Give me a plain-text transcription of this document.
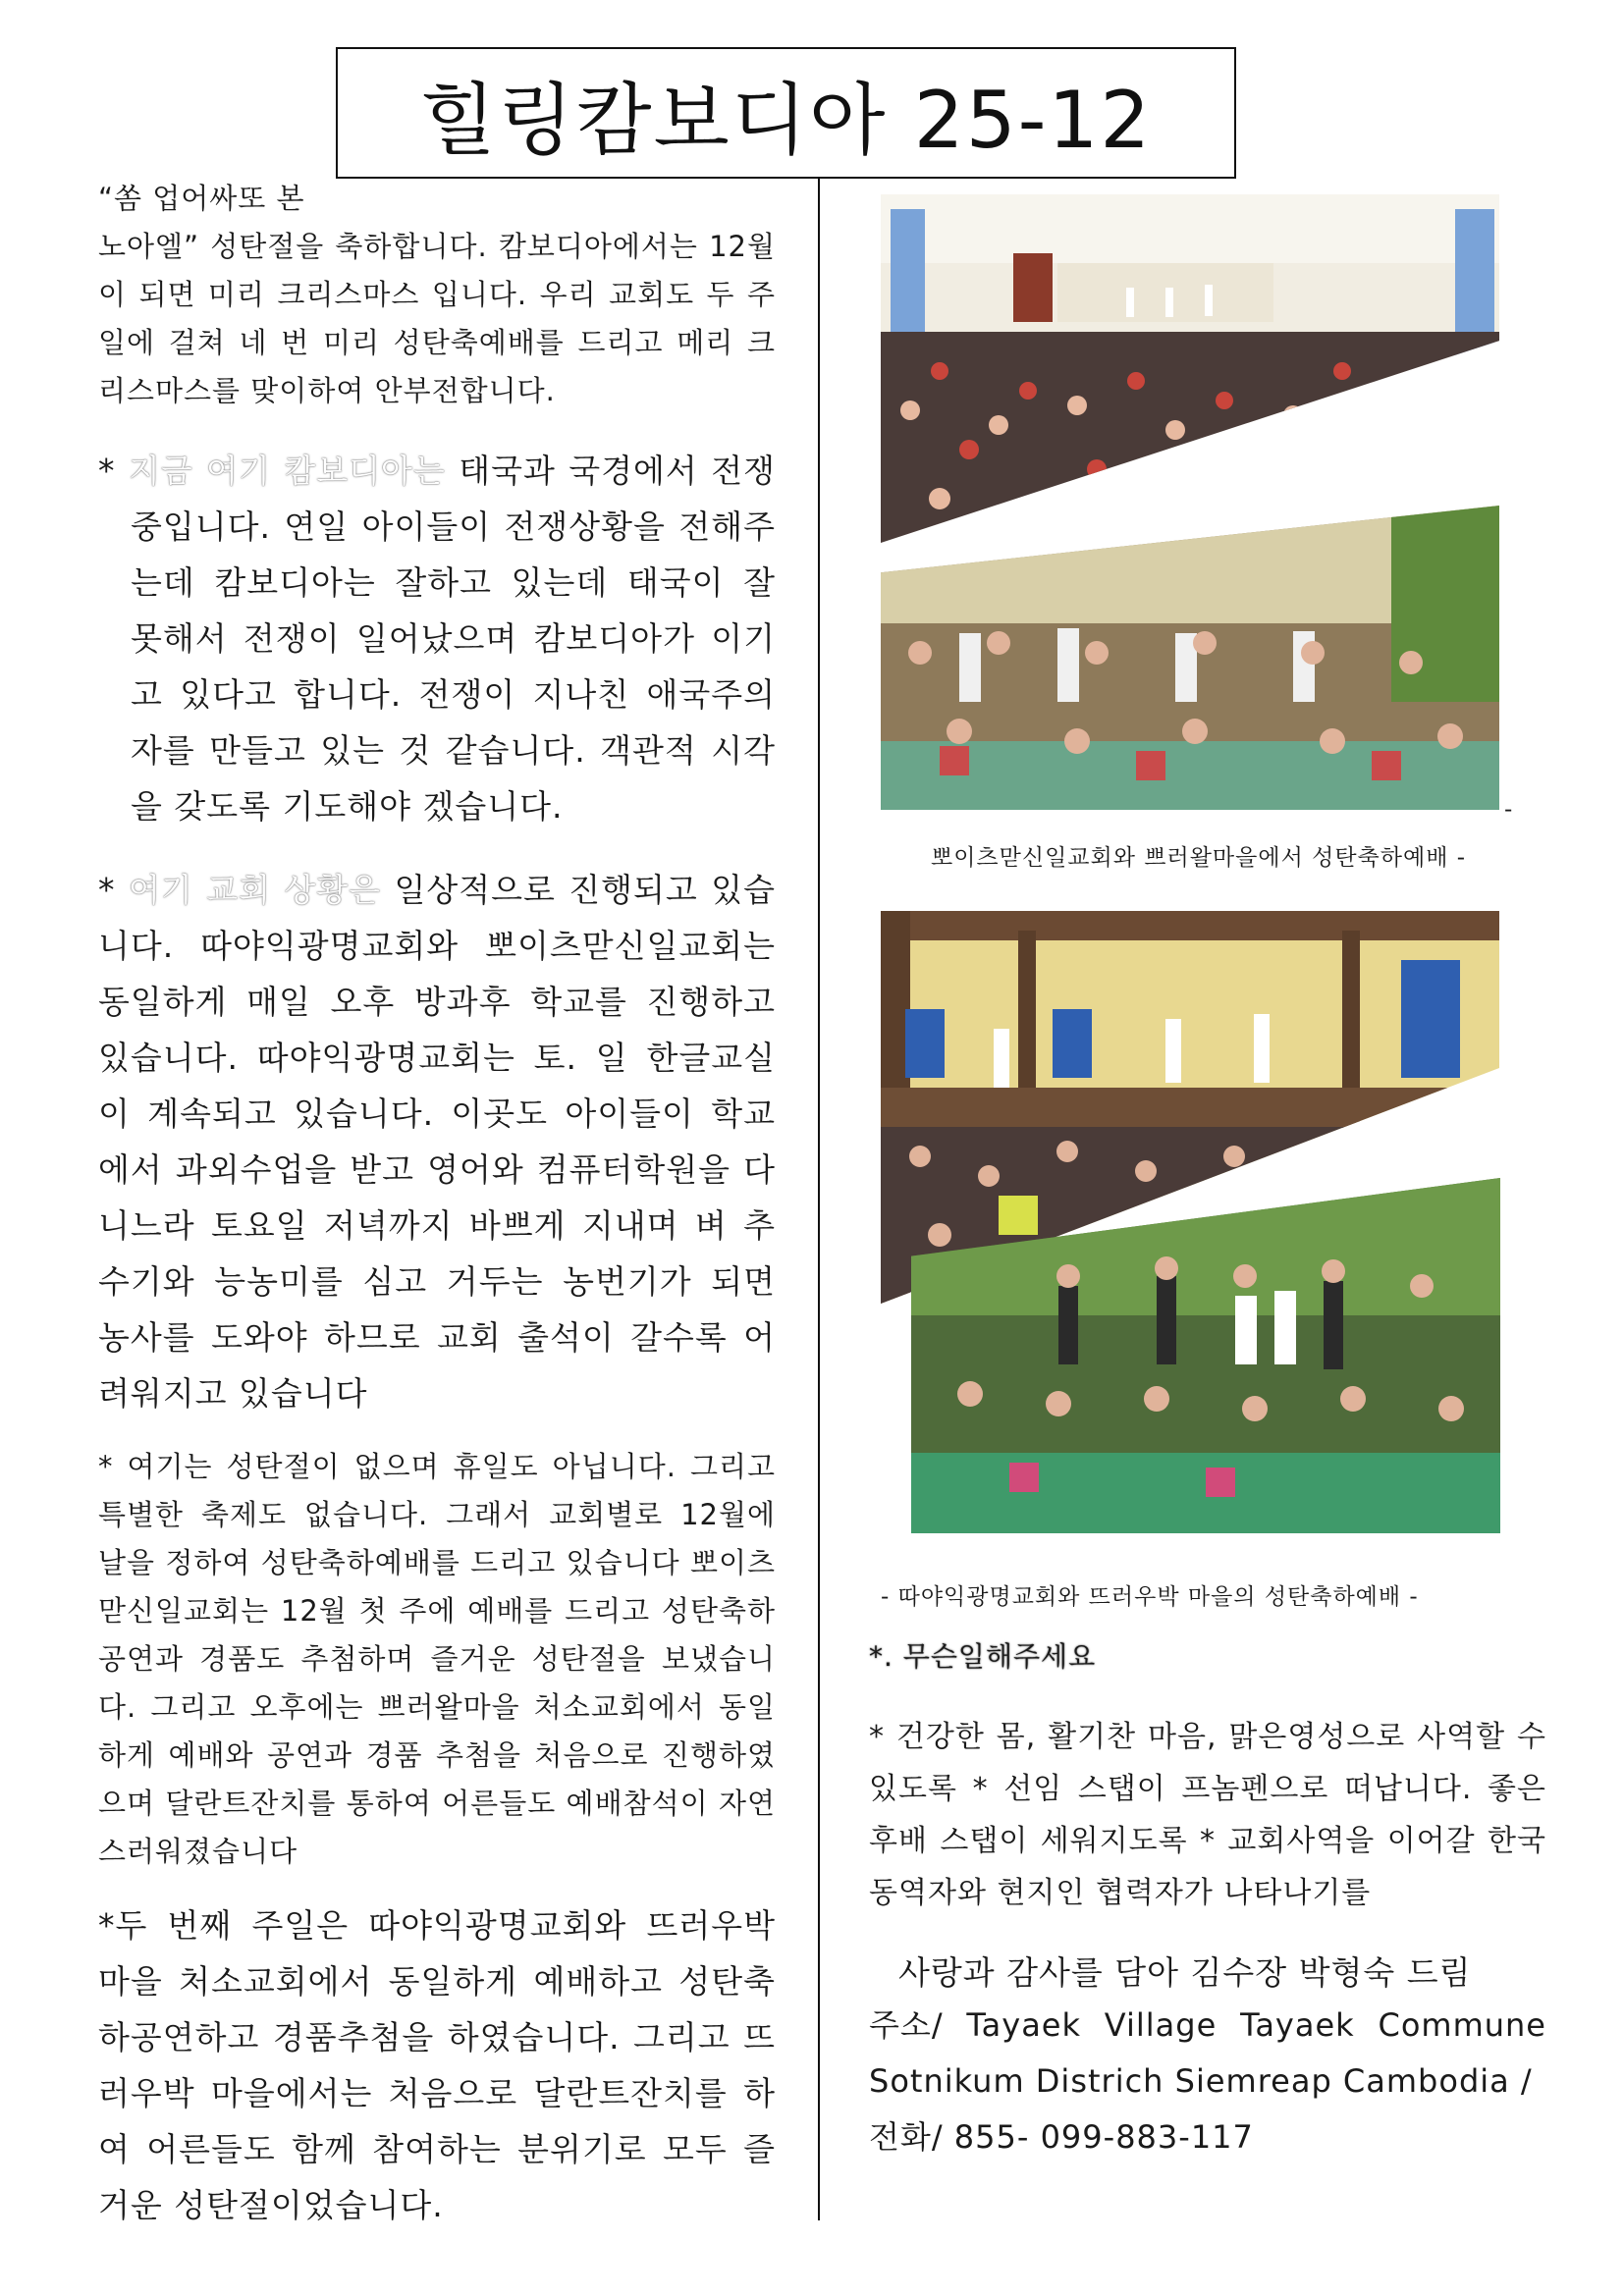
힐링캄보디아 25-12

“쏨 업어싸또 본
노아엘” 성탄절을 축하합니다. 캄보디아에서는 12월이 되면 미리 크리스마스 입니다. 우리 교회도 두 주일에 걸쳐 네 번 미리 성탄축예배를 드리고 메리 크리스마스를 맞이하여 안부전합니다.

* 지금 여기 캄보디아는 태국과 국경에서 전쟁 중입니다. 연일 아이들이 전쟁상황을 전해주는데 캄보디아는 잘하고 있는데 태국이 잘 못해서 전쟁이 일어났으며 캄보디아가 이기고 있다고 합니다. 전쟁이 지나친 애국주의자를 만들고 있는 것 같습니다. 객관적 시각을 갖도록 기도해야 겠습니다.

* 여기 교회 상황은 일상적으로 진행되고 있습니다. 따야익광명교회와 뽀이츠맏신일교회는 동일하게 매일 오후 방과후 학교를 진행하고 있습니다. 따야익광명교회는 토. 일 한글교실이 계속되고 있습니다. 이곳도 아이들이 학교에서 과외수업을 받고 영어와 컴퓨터학원을 다니느라 토요일 저녁까지 바쁘게 지내며 벼 추수기와 능농미를 심고 거두는 농번기가 되면 농사를 도와야 하므로 교회 출석이 갈수록 어려워지고 있습니다

* 여기는 성탄절이 없으며 휴일도 아닙니다. 그리고 특별한 축제도 없습니다. 그래서 교회별로 12월에 날을 정하여 성탄축하예배를 드리고 있습니다 뽀이츠맏신일교회는 12월 첫 주에 예배를 드리고 성탄축하공연과 경품도 추첨하며 즐거운 성탄절을 보냈습니다. 그리고 오후에는 쁘러왈마을 처소교회에서 동일하게 예배와 공연과 경품 추첨을 처음으로 진행하였으며 달란트잔치를 통하여 어른들도 예배참석이 자연스러워졌습니다

*두 번째 주일은 따야익광명교회와 뜨러우박 마을 처소교회에서 동일하게 예배하고 성탄축하공연하고 경품추첨을 하였습니다. 그리고 뜨러우박 마을에서는 처음으로 달란트잔치를 하여 어른들도 함께 참여하는 분위기로 모두 즐거운 성탄절이었습니다.

-
뽀이츠맏신일교회와 쁘러왈마을에서 성탄축하예배 -
- 따야익광명교회와 뜨러우박 마을의 성탄축하예배 -
*. 무슨일해주세요

* 건강한 몸, 활기찬 마음, 맑은영성으로 사역할 수 있도록 * 선임 스탭이 프놈펜으로 떠납니다. 좋은 후배 스탭이 세워지도록 * 교회사역을 이어갈 한국동역자와 현지인 협력자가 나타나기를

사랑과 감사를 담아 김수장 박형숙 드림

주소/ Tayaek Village Tayaek Commune Sotnikum Districh Siemreap Cambodia /
전화/ 855- 099-883-117
